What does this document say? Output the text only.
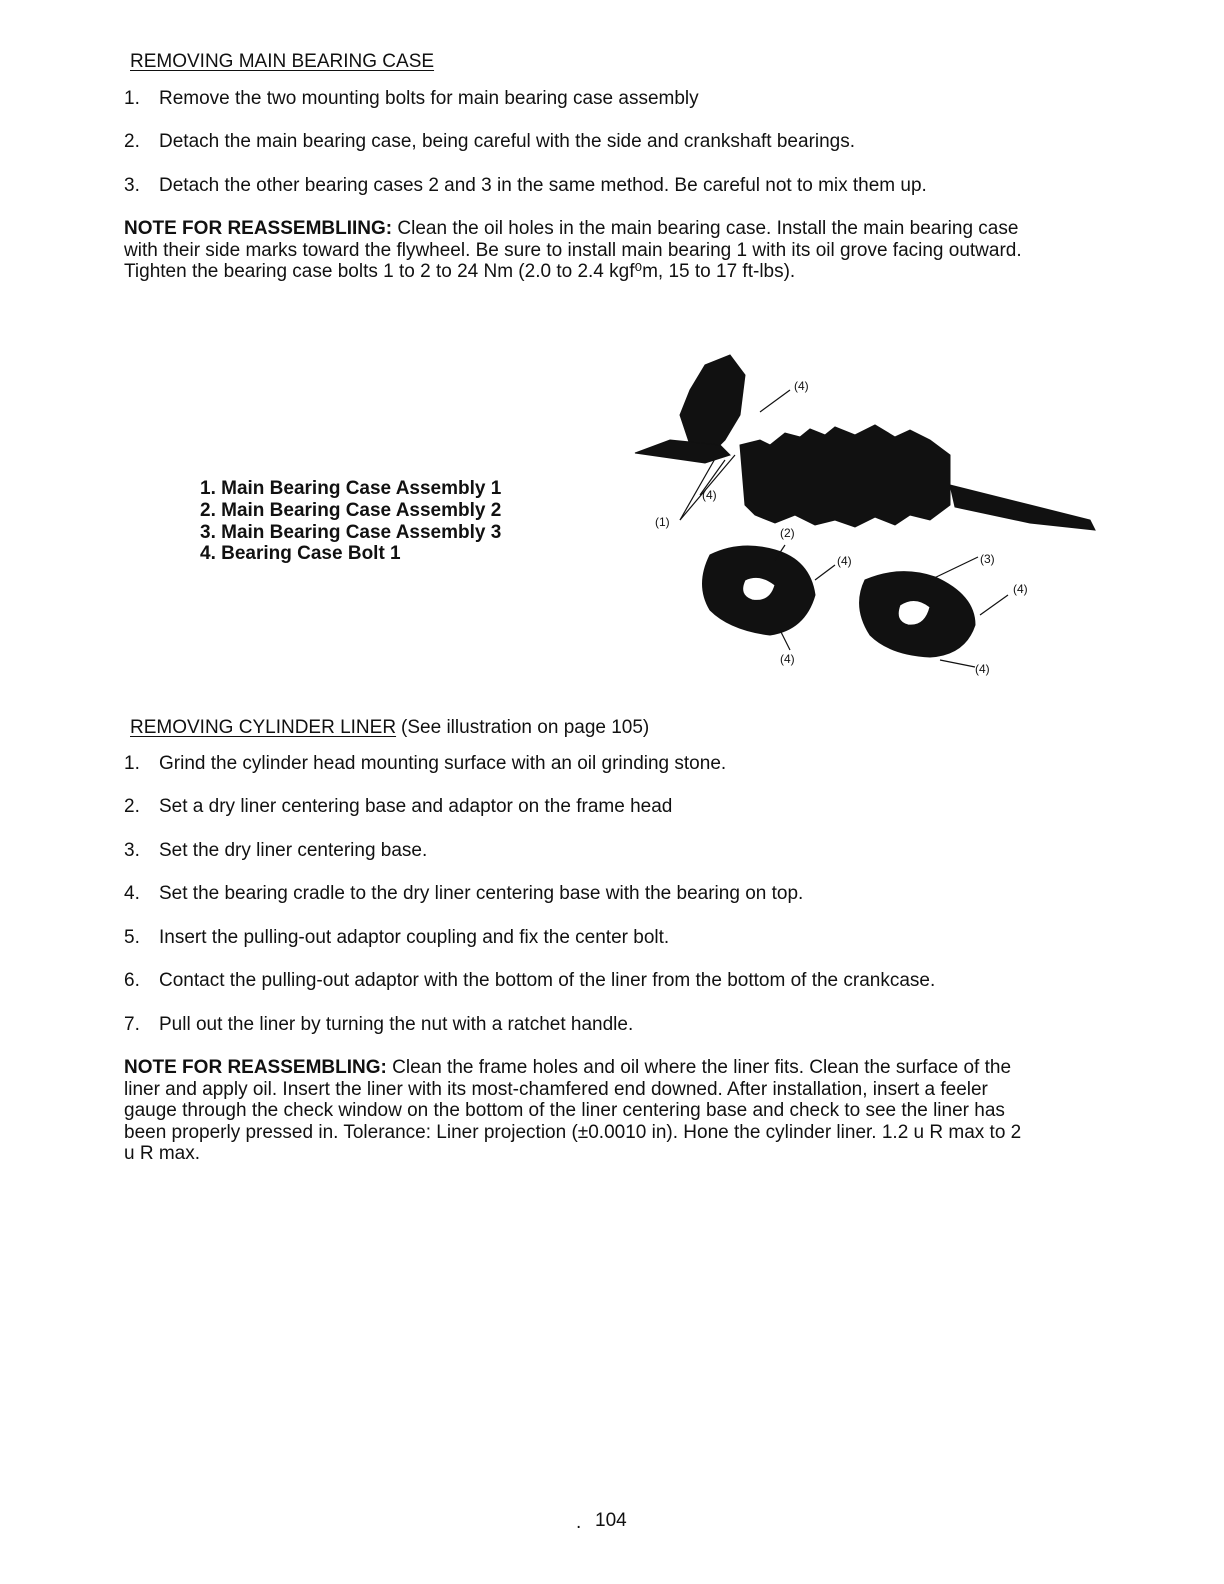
REMOVING MAIN BEARING CASE
1. Remove the two mounting bolts for main bearing case assembly
2. Detach the main bearing case, being careful with the side and crankshaft bearings.
3. Detach the other bearing cases 2 and 3 in the same method. Be careful not to mix them up.
NOTE FOR REASSEMBLIING: Clean the oil holes in the main bearing case. Install the main bearing case with their side marks toward the flywheel. Be sure to install main bearing 1 with its oil grove facing outward. Tighten the bearing case bolts 1 to 2 to 24 Nm (2.0 to 2.4 kgf⁰m, 15 to 17 ft-lbs).
1. Main Bearing Case Assembly 1
2. Main Bearing Case Assembly 2
3. Main Bearing Case Assembly 3
4. Bearing Case Bolt 1
(4)
(1)
(4)
(2)
(4)	(3)
(4)
(4)
(4)
REMOVING CYLINDER LINER (See illustration on page 105)
1. Grind the cylinder head mounting surface with an oil grinding stone.
2. Set a dry liner centering base and adaptor on the frame head
3. Set the dry liner centering base.
4. Set the bearing cradle to the dry liner centering base with the bearing on top.
5. Insert the pulling-out adaptor coupling and fix the center bolt.
6. Contact the pulling-out adaptor with the bottom of the liner from the bottom of the crankcase.
7. Pull out the liner by turning the nut with a ratchet handle.
NOTE FOR REASSEMBLING: Clean the frame holes and oil where the liner fits. Clean the surface of the liner and apply oil. Insert the liner with its most-chamfered end downed. After installation, insert a feeler gauge through the check window on the bottom of the liner centering base and check to see the liner has been properly pressed in. Tolerance: Liner projection (±0.0010 in). Hone the cylinder liner. 1.2 u R max to 2 u R max.
. 104
